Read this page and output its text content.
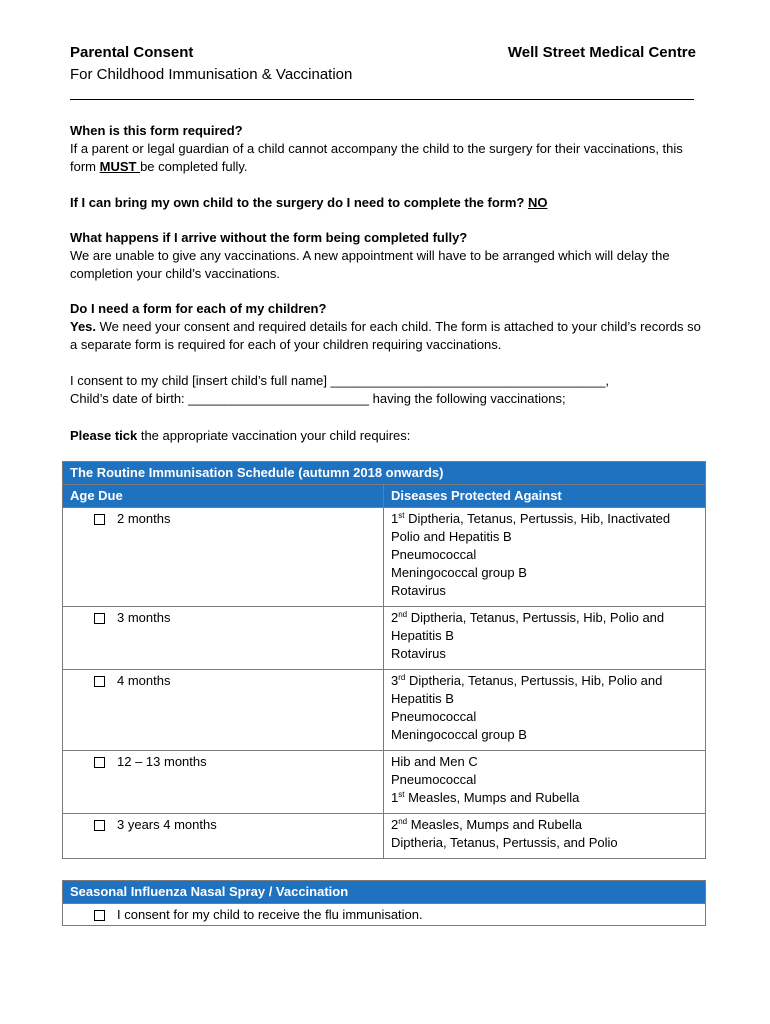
Parental Consent
For Childhood Immunisation & Vaccination
Well Street Medical Centre
When is this form required?
If a parent or legal guardian of a child cannot accompany the child to the surgery for their vaccinations, this form MUST be completed fully.
If I can bring my own child to the surgery do I need to complete the form? NO
What happens if I arrive without the form being completed fully?
We are unable to give any vaccinations. A new appointment will have to be arranged which will delay the completion your child’s vaccinations.
Do I need a form for each of my children?
Yes. We need your consent and required details for each child. The form is attached to your child’s records so a separate form is required for each of your children requiring vaccinations.
I consent to my child [insert child’s full name] ______________________________________,
Child’s date of birth: _________________________ having the following vaccinations;
Please tick the appropriate vaccination your child requires:
The Routine Immunisation Schedule (autumn 2018 onwards)	
Age Due	Diseases Protected Against

2 months	1st Diptheria, Tetanus, Pertussis, Hib, Inactivated Polio and Hepatitis B
Pneumococcal
Meningococcal group B
Rotavirus

3 months	2nd Diptheria, Tetanus, Pertussis, Hib, Polio and Hepatitis B
Rotavirus

4 months	3rd Diptheria, Tetanus, Pertussis, Hib, Polio and Hepatitis B
Pneumococcal
Meningococcal group B

12 – 13 months	Hib and Men C
Pneumococcal
1st Measles, Mumps and Rubella

3 years 4 months	2nd Measles, Mumps and Rubella
Diptheria, Tetanus, Pertussis, and Polio
Seasonal Influenza Nasal Spray / Vaccination

I consent for my child to receive the flu immunisation.
